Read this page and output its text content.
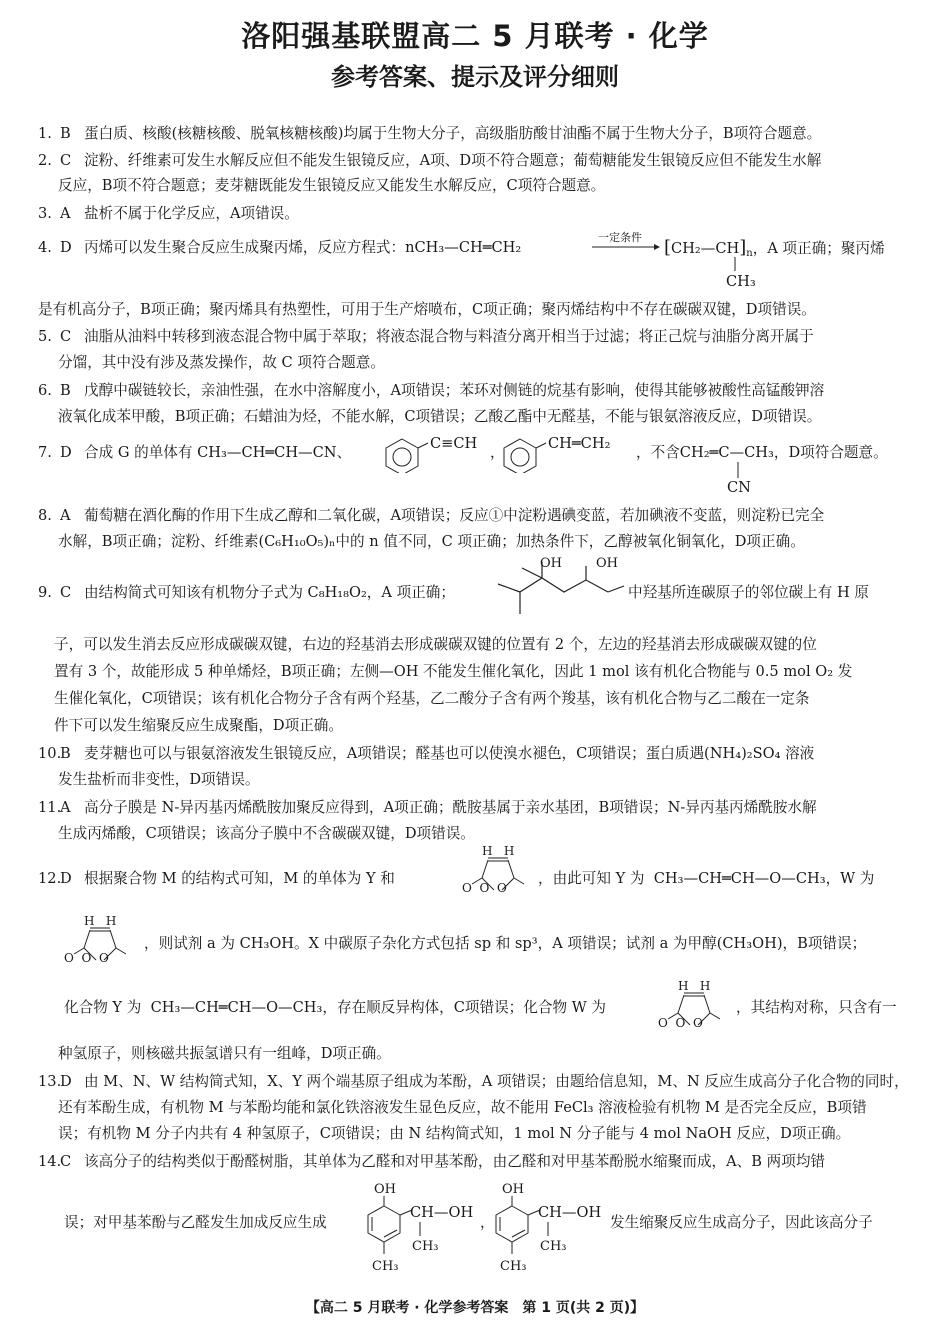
洛阳强基联盟高二 5 月联考 · 化学
参考答案、提示及评分细则
1. B 蛋白质、核酸(核糖核酸、脱氧核糖核酸)均属于生物大分子，高级脂肪酸甘油酯不属于生物大分子，B项符合题意。
2. C 淀粉、纤维素可发生水解反应但不能发生银镜反应，A项、D项不符合题意；葡萄糖能发生银镜反应但不能发生水解
反应，B项不符合题意；麦芽糖既能发生银镜反应又能发生水解反应，C项符合题意。
3. A 盐析不属于化学反应，A项错误。
4. D 丙烯可以发生聚合反应生成聚丙烯，反应方程式：nCH₃—CH═CH₂
一定条件 $[CH_2—CH]_n$，A 项正确；聚丙烯
CH₃
是有机高分子，B项正确；聚丙烯具有热塑性，可用于生产熔喷布，C项正确；聚丙烯结构中不存在碳碳双键，D项错误。
5. C 油脂从油料中转移到液态混合物中属于萃取；将液态混合物与料渣分离开相当于过滤；将正己烷与油脂分离开属于
分馏，其中没有涉及蒸发操作，故 C 项符合题意。
6. B 戊醇中碳链较长，亲油性强，在水中溶解度小，A项错误；苯环对侧链的烷基有影响，使得其能够被酸性高锰酸钾溶
液氧化成苯甲酸，B项正确；石蜡油为烃，不能水解，C项错误；乙酸乙酯中无醛基，不能与银氨溶液反应，D项错误。
7. D 合成 G 的单体有 CH₃—CH═CH—CN、
C≡CH
，
CH═CH₂
，不含CH₂═C—CH₃，D项符合题意。
CN
8. A 葡萄糖在酒化酶的作用下生成乙醇和二氧化碳，A项错误；反应①中淀粉遇碘变蓝，若加碘液不变蓝，则淀粉已完全
水解，B项正确；淀粉、纤维素(C₆H₁₀O₅)ₙ中的 n 值不同，C 项正确；加热条件下，乙醇被氧化铜氧化，D项正确。
9. C 由结构简式可知该有机物分子式为 C₈H₁₈O₂，A 项正确；
OH	OH
中羟基所连碳原子的邻位碳上有 H 原
子，可以发生消去反应形成碳碳双键，右边的羟基消去形成碳碳双键的位置有 2 个，左边的羟基消去形成碳碳双键的位
置有 3 个，故能形成 5 种单烯烃，B项正确；左侧—OH 不能发生催化氧化，因此 1 mol 该有机化合物能与 0.5 mol O₂ 发
生催化氧化，C项错误；该有机化合物分子含有两个羟基，乙二酸分子含有两个羧基，该有机化合物与乙二酸在一定条
件下可以发生缩聚反应生成聚酯，D项正确。
10.B 麦芽糖也可以与银氨溶液发生银镜反应，A项错误；醛基也可以使溴水褪色，C项错误；蛋白质遇(NH₄)₂SO₄ 溶液
发生盐析而非变性，D项错误。
11.A 高分子膜是 N-异丙基丙烯酰胺加聚反应得到，A项正确；酰胺基属于亲水基团，B项错误；N-异丙基丙烯酰胺水解
生成丙烯酸，C项错误；该高分子膜中不含碳碳双键，D项错误。
12.D 根据聚合物 M 的结构式可知，M 的单体为 Y 和
H H
O O O
，由此可知 Y 为 CH₃—CH═CH—O—CH₃，W 为
H H
O O O
，则试剂 a 为 CH₃OH。X 中碳原子杂化方式包括 sp 和 sp³，A 项错误；试剂 a 为甲醇(CH₃OH)，B项错误；
化合物 Y 为 CH₃—CH═CH—O—CH₃，存在顺反异构体，C项错误；化合物 W 为
H H
O O O
，其结构对称，只含有一
种氢原子，则核磁共振氢谱只有一组峰，D项正确。
13.D 由 M、N、W 结构简式知，X、Y 两个端基原子组成为苯酚，A 项错误；由题给信息知，M、N 反应生成高分子化合物的同时，
还有苯酚生成，有机物 M 与苯酚均能和氯化铁溶液发生显色反应，故不能用 FeCl₃ 溶液检验有机物 M 是否完全反应，B项错
误；有机物 M 分子内共有 4 种氢原子，C项错误；由 N 结构简式知，1 mol N 分子能与 4 mol NaOH 反应，D项正确。
14.C 该高分子的结构类似于酚醛树脂，其单体为乙醛和对甲基苯酚，由乙醛和对甲基苯酚脱水缩聚而成，A、B 两项均错
误；对甲基苯酚与乙醛发生加成反应生成
OH
CH—OH
CH₃
CH₃
，
OH
CH—OH
CH₃
CH₃
发生缩聚反应生成高分子，因此该高分子
【高二 5 月联考 · 化学参考答案　第 1 页(共 2 页)】
